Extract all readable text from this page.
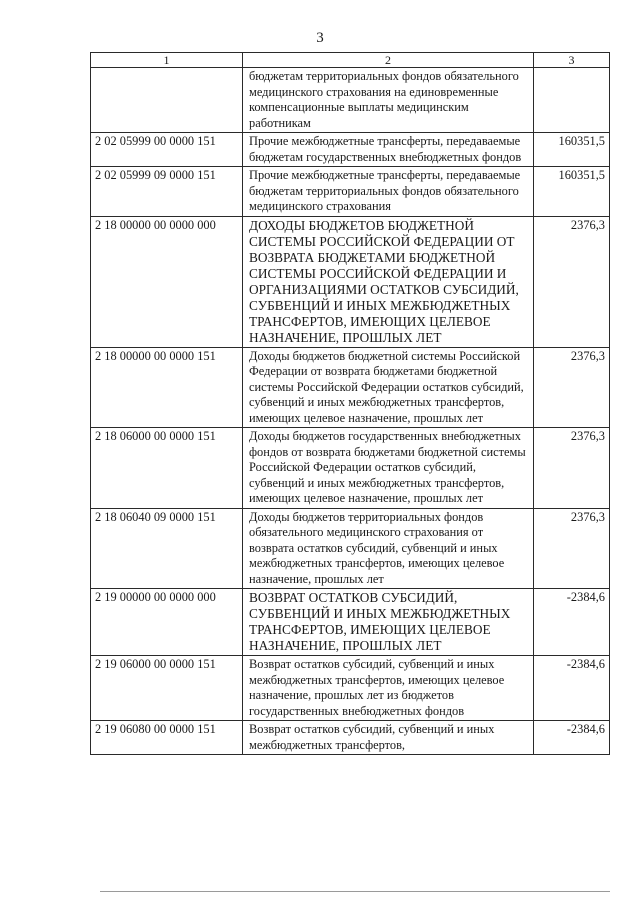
3
1	2	3
	бюджетам территориальных фондов обязательного медицинского страхования на единовременные компенсационные выплаты медицинским работникам	
2 02 05999 00 0000 151	Прочие межбюджетные трансферты, передаваемые бюджетам государственных внебюджетных фондов	160351,5
2 02 05999 09 0000 151	Прочие межбюджетные трансферты, передаваемые бюджетам территориальных фондов обязательного медицинского страхования	160351,5
2 18 00000 00 0000 000	ДОХОДЫ БЮДЖЕТОВ БЮДЖЕТНОЙ СИСТЕМЫ РОССИЙСКОЙ ФЕДЕРАЦИИ ОТ ВОЗВРАТА БЮДЖЕТАМИ БЮДЖЕТНОЙ СИСТЕМЫ РОССИЙСКОЙ ФЕДЕРАЦИИ И ОРГАНИЗАЦИЯМИ ОСТАТКОВ СУБСИДИЙ, СУБВЕНЦИЙ И ИНЫХ МЕЖБЮДЖЕТНЫХ ТРАНСФЕРТОВ, ИМЕЮЩИХ ЦЕЛЕВОЕ НАЗНАЧЕНИЕ, ПРОШЛЫХ ЛЕТ	2376,3
2 18 00000 00 0000 151	Доходы бюджетов бюджетной системы Российской Федерации от возврата бюджетами бюджетной системы Российской Федерации остатков субсидий, субвенций и иных межбюджетных трансфертов, имеющих целевое назначение, прошлых лет	2376,3
2 18 06000 00 0000 151	Доходы бюджетов государственных внебюджетных фондов от возврата бюджетами бюджетной системы Российской Федерации остатков субсидий, субвенций и иных межбюджетных трансфертов, имеющих целевое назначение, прошлых лет	2376,3
2 18 06040 09 0000 151	Доходы бюджетов территориальных фондов обязательного медицинского страхования от возврата остатков субсидий, субвенций и иных межбюджетных трансфертов, имеющих целевое назначение, прошлых лет	2376,3
2 19 00000 00 0000 000	ВОЗВРАТ ОСТАТКОВ СУБСИДИЙ, СУБВЕНЦИЙ И ИНЫХ МЕЖБЮДЖЕТНЫХ ТРАНСФЕРТОВ, ИМЕЮЩИХ ЦЕЛЕВОЕ НАЗНАЧЕНИЕ, ПРОШЛЫХ ЛЕТ	-2384,6
2 19 06000 00 0000 151	Возврат остатков субсидий, субвенций и иных межбюджетных трансфертов, имеющих целевое назначение, прошлых лет из бюджетов государственных внебюджетных фондов	-2384,6
2 19 06080 00 0000 151	Возврат остатков субсидий, субвенций и иных межбюджетных трансфертов,	-2384,6
